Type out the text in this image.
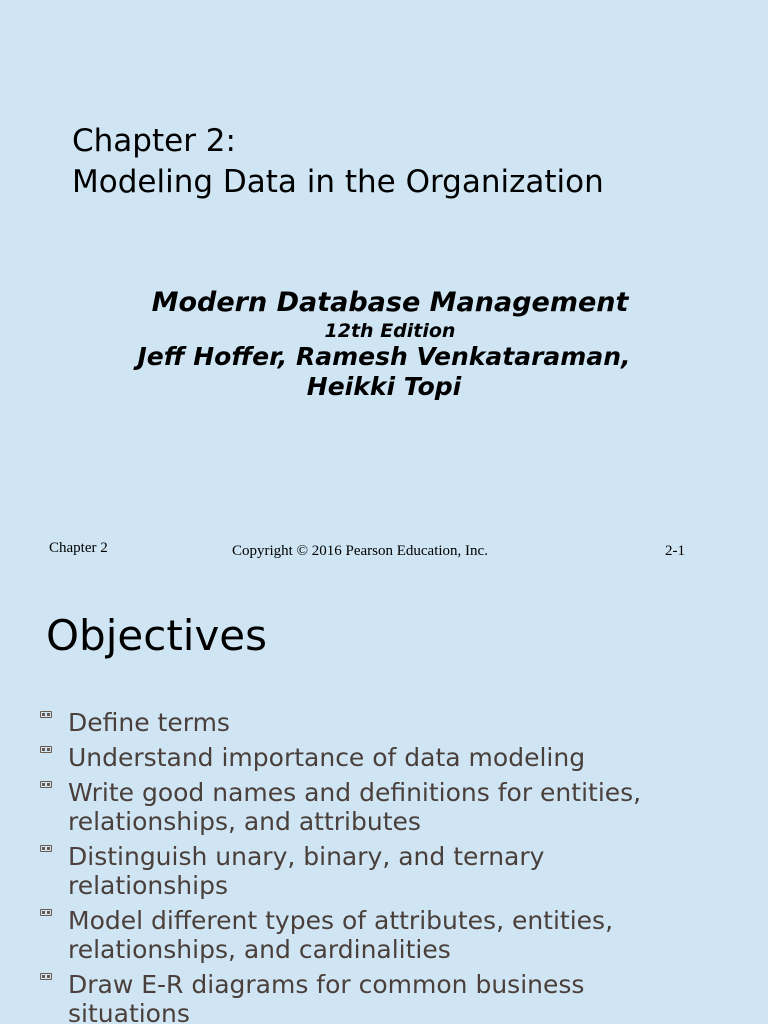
Chapter 2:
Modeling Data in the Organization
Modern Database Management
12th Edition
Jeff Hoffer, Ramesh Venkataraman,
Heikki Topi
Chapter 2	Copyright © 2016 Pearson Education, Inc.	2-1
Objectives
Define terms
Understand importance of data modeling
Write good names and definitions for entities,
relationships, and attributes
Distinguish unary, binary, and ternary
relationships
Model different types of attributes, entities,
relationships, and cardinalities
Draw E-R diagrams for common business
situations
